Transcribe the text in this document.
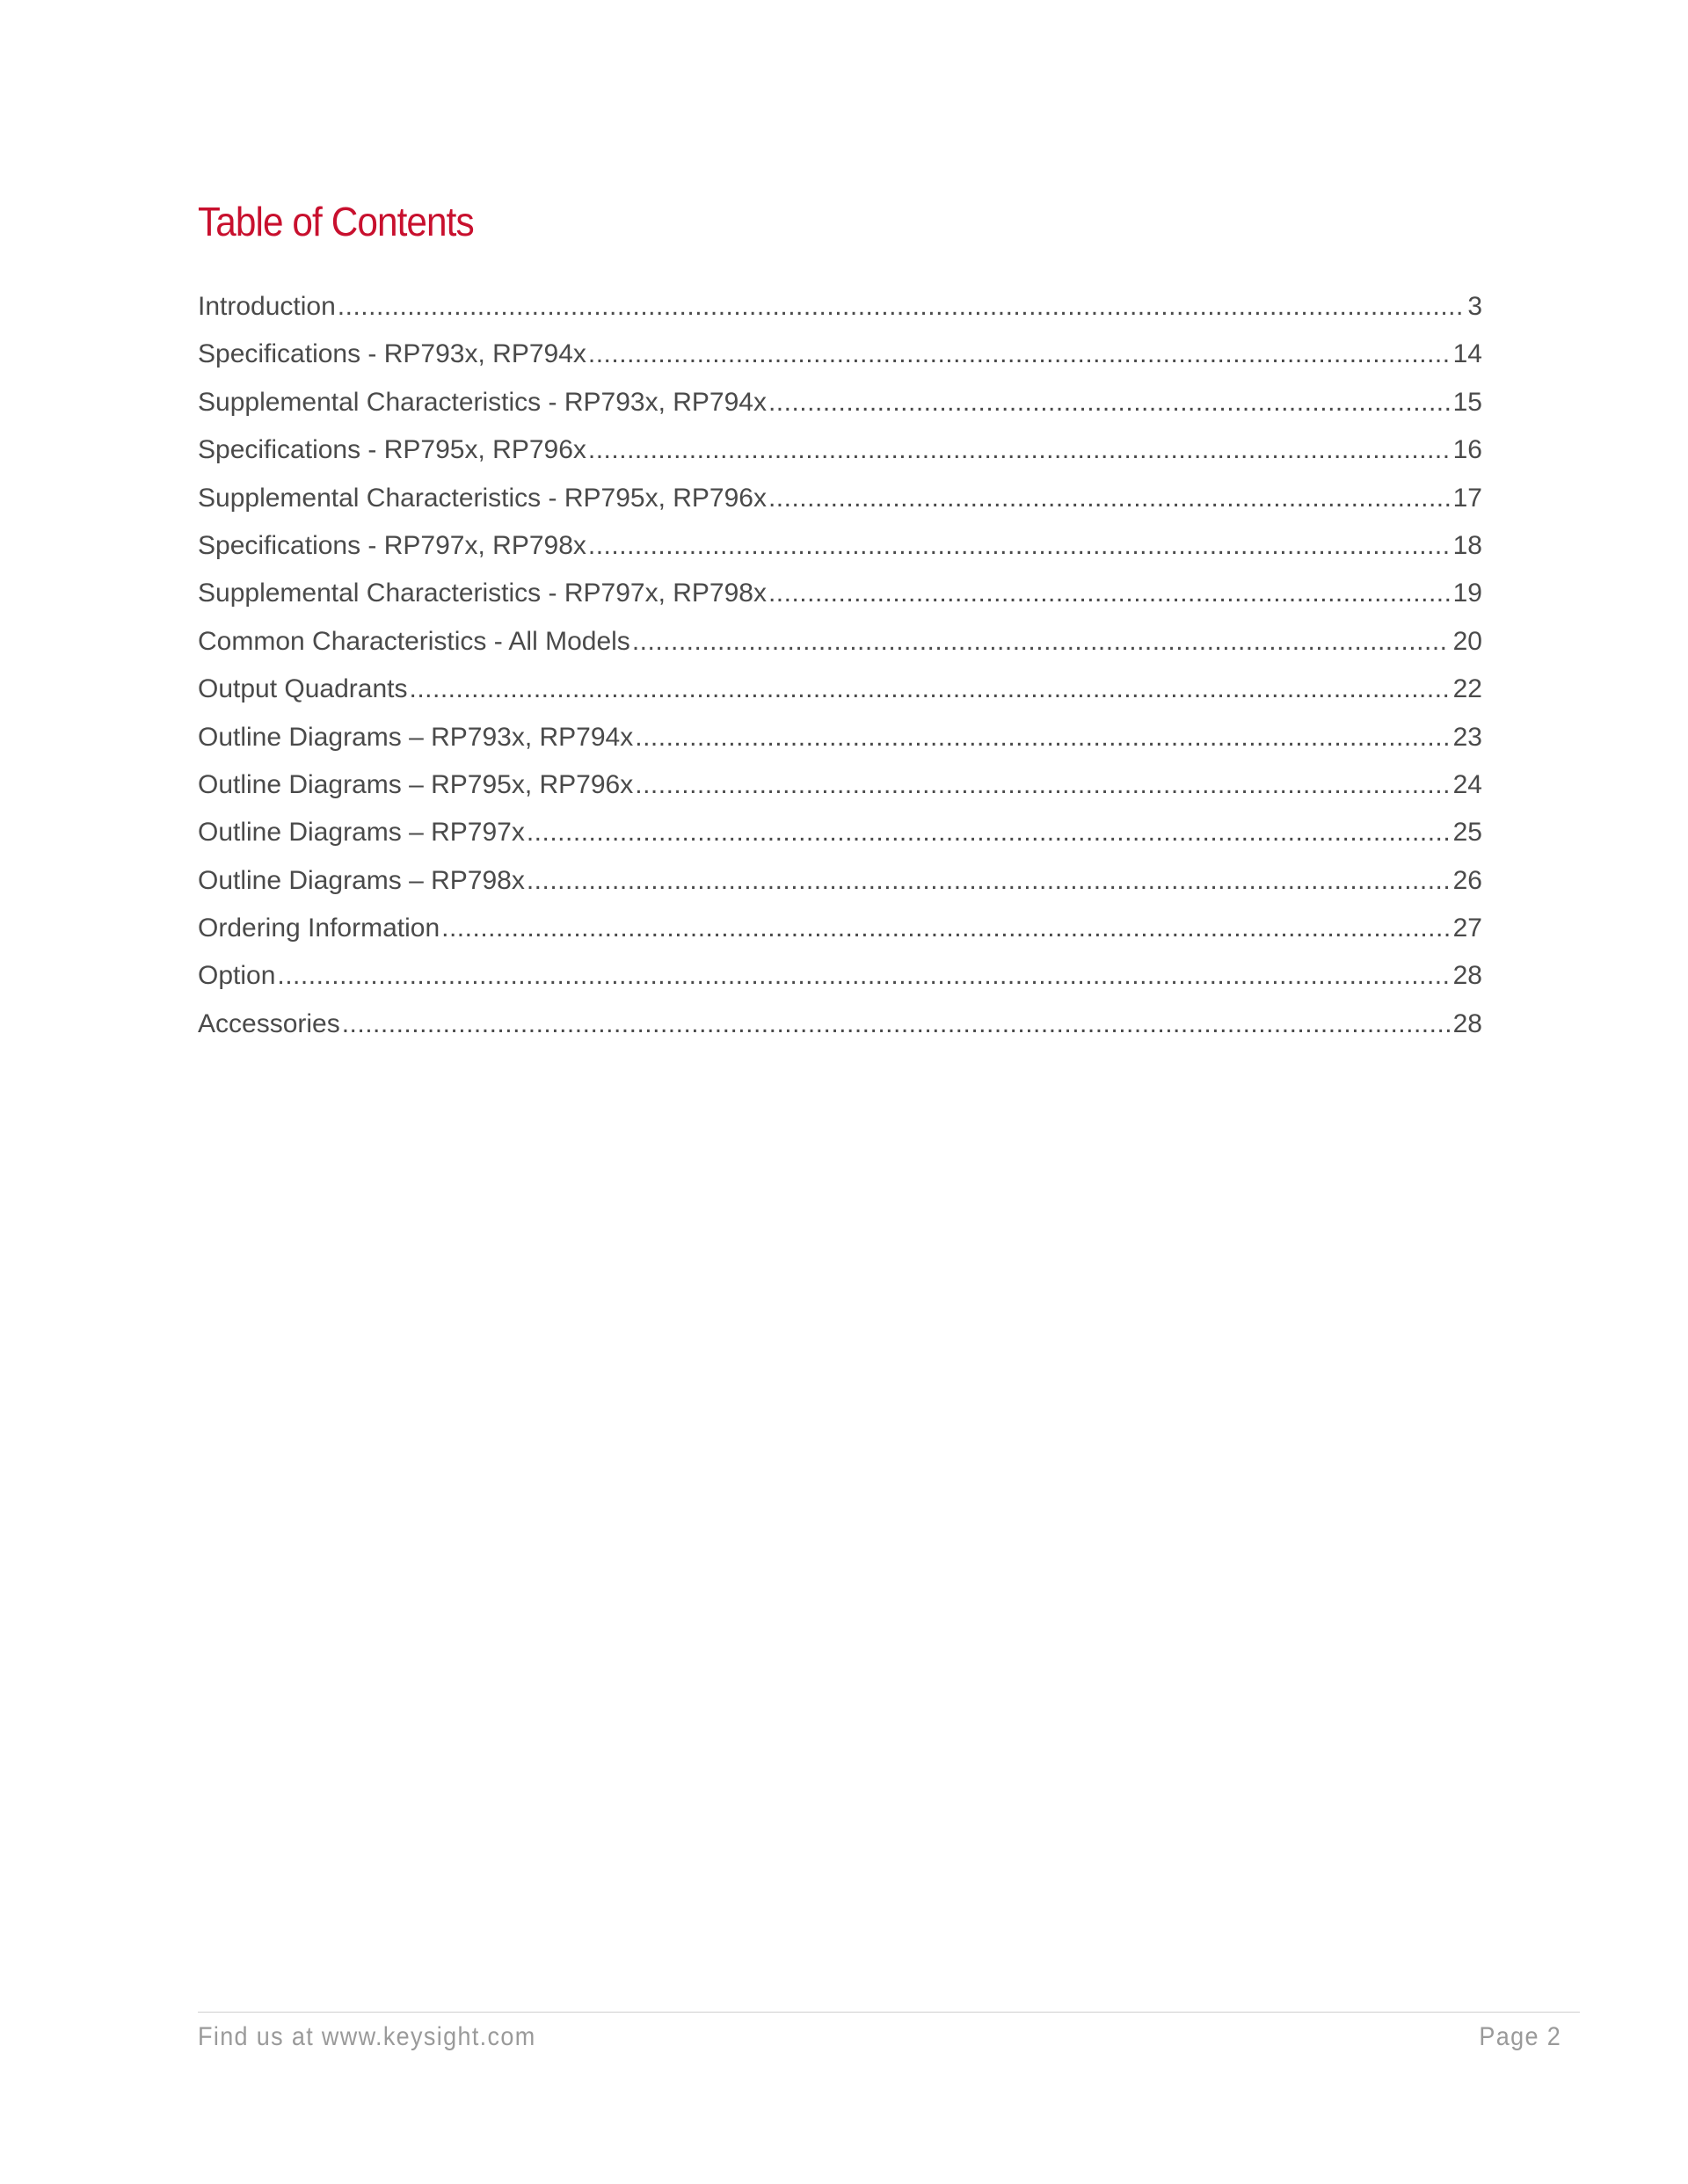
Table of Contents
Introduction .....	3
Specifications - RP793x, RP794x .....	14
Supplemental Characteristics - RP793x, RP794x .....	15
Specifications - RP795x, RP796x .....	16
Supplemental Characteristics - RP795x, RP796x .....	17
Specifications - RP797x, RP798x .....	18
Supplemental Characteristics - RP797x, RP798x .....	19
Common Characteristics - All Models .....	20
Output Quadrants .....	22
Outline Diagrams – RP793x, RP794x .....	23
Outline Diagrams – RP795x, RP796x .....	24
Outline Diagrams – RP797x .....	25
Outline Diagrams – RP798x .....	26
Ordering Information .....	27
Option .....	28
Accessories .....	28
Find us at www.keysight.com	Page 2
